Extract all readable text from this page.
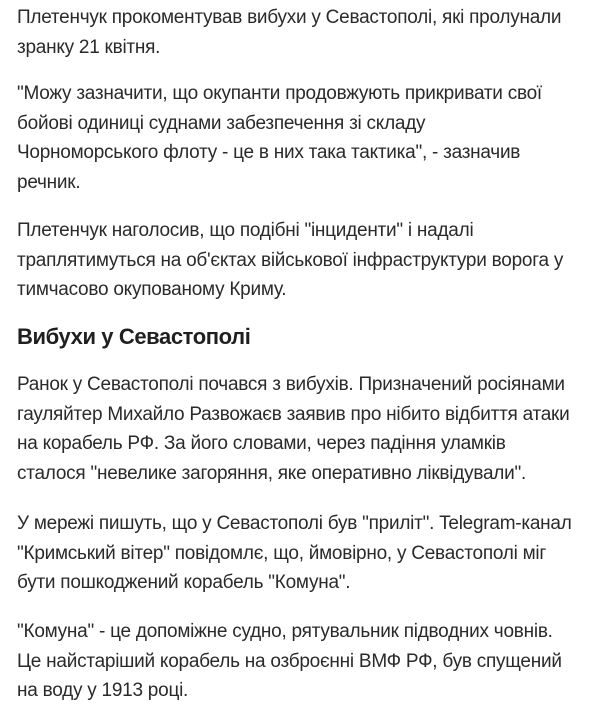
Плетенчук прокоментував вибухи у Севастополі, які пролунали
зранку 21 квітня.

"Можу зазначити, що окупанти продовжують прикривати свої
бойові одиниці суднами забезпечення зі складу
Чорноморського флоту - це в них така тактика", - зазначив
речник.

Плетенчук наголосив, що подібні "інциденти" і надалі
траплятимуться на об'єктах військової інфраструктури ворога у
тимчасово окупованому Криму.

Вибухи у Севастополі

Ранок у Севастополі почався з вибухів. Призначений росіянами
гауляйтер Михайло Развожаєв заявив про нібито відбиття атаки
на корабель РФ. За його словами, через падіння уламків
сталося "невелике загоряння, яке оперативно ліквідували".

У мережі пишуть, що у Севастополі був "приліт". Telegram-канал
"Кримський вітер" повідомлє, що, ймовірно, у Севастополі міг
бути пошкоджений корабель "Комуна".

"Комуна" - це допоміжне судно, рятувальник підводних човнів.
Це найстаріший корабель на озброєнні ВМФ РФ, був спущений
на воду у 1913 році.
